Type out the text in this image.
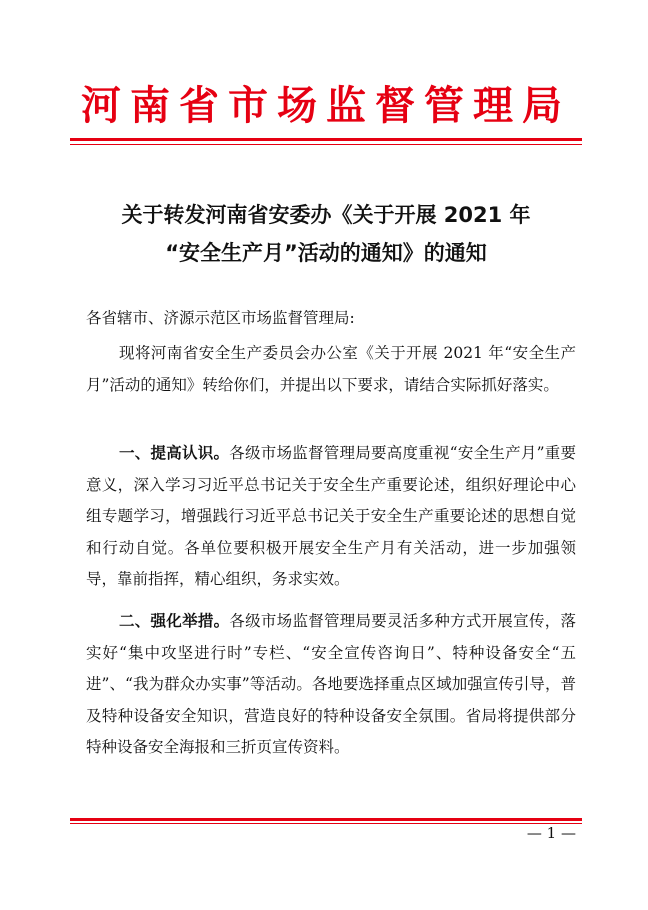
河南省市场监督管理局
关于转发河南省安委办《关于开展 2021 年
“安全生产月”活动的通知》的通知
各省辖市、济源示范区市场监督管理局:
现将河南省安全生产委员会办公室《关于开展 2021 年“安全生产月”活动的通知》转给你们，并提出以下要求，请结合实际抓好落实。
一、提高认识。各级市场监督管理局要高度重视“安全生产月”重要意义，深入学习习近平总书记关于安全生产重要论述，组织好理论中心组专题学习，增强践行习近平总书记关于安全生产重要论述的思想自觉和行动自觉。各单位要积极开展安全生产月有关活动，进一步加强领导，靠前指挥，精心组织，务求实效。
二、强化举措。各级市场监督管理局要灵活多种方式开展宣传，落实好“集中攻坚进行时”专栏、“安全宣传咨询日”、特种设备安全“五进”、“我为群众办实事”等活动。各地要选择重点区域加强宣传引导，普及特种设备安全知识，营造良好的特种设备安全氛围。省局将提供部分特种设备安全海报和三折页宣传资料。
— 1 —
